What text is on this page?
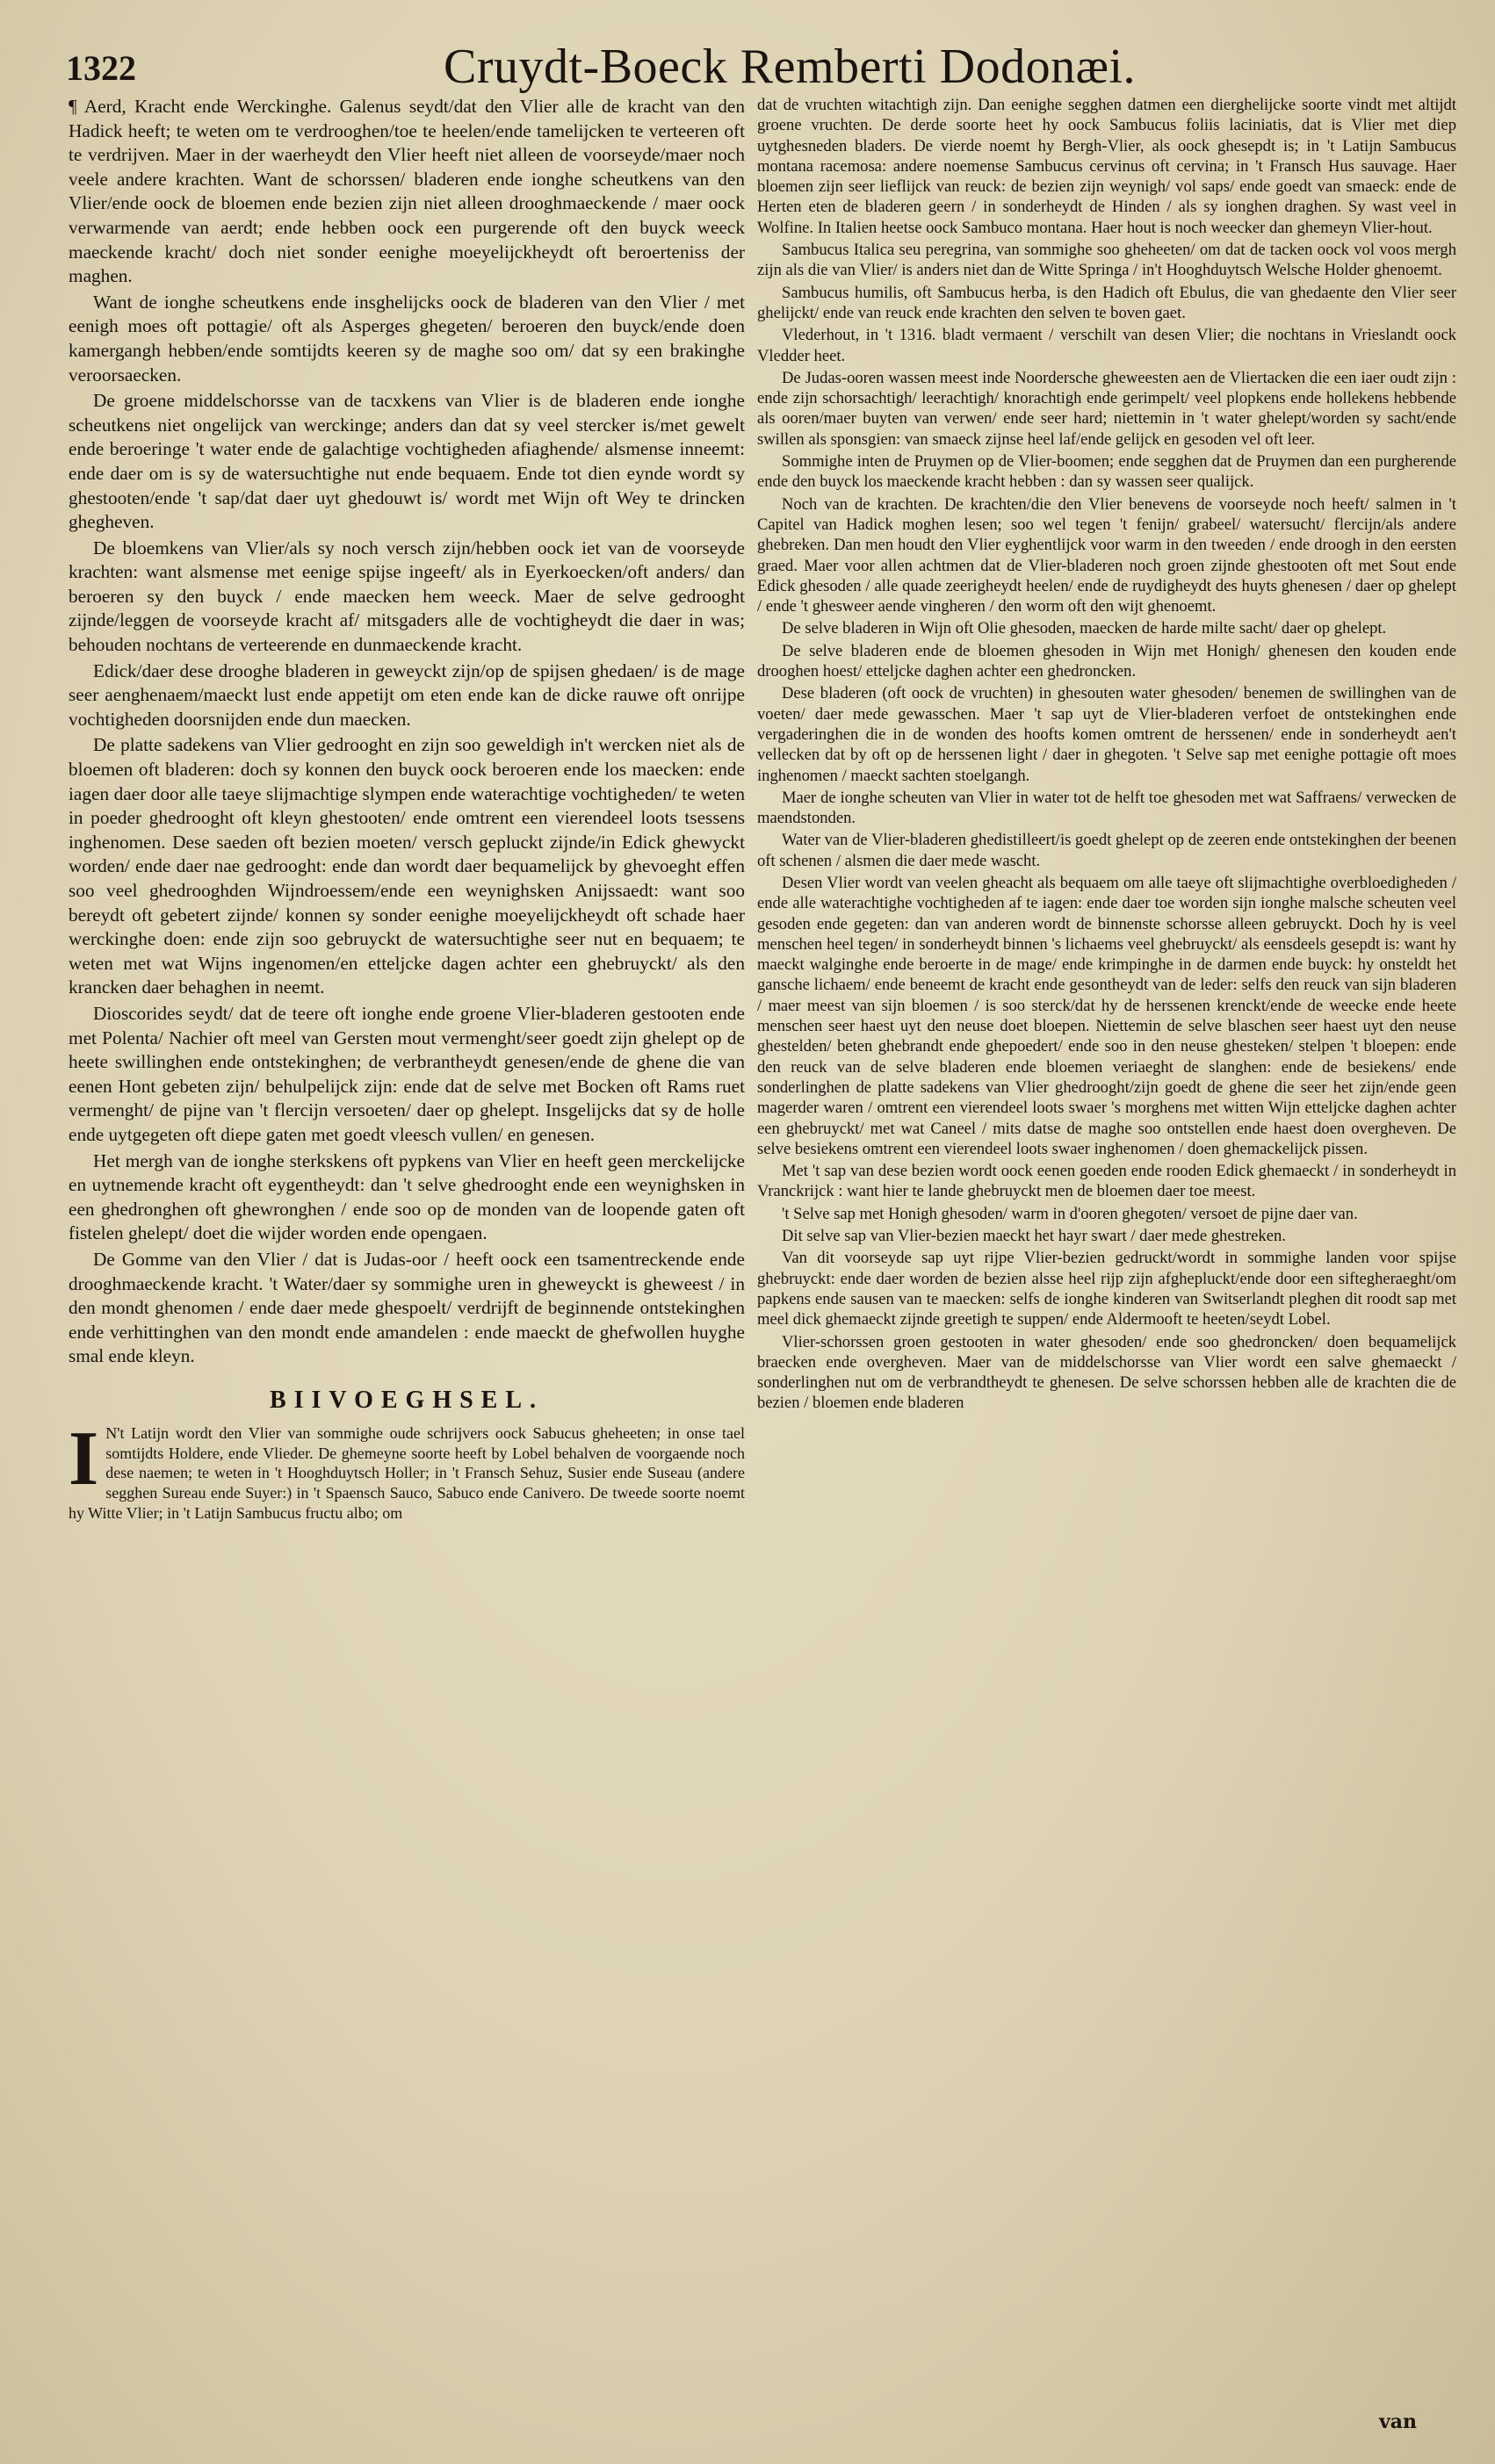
1322	Cruydt-Boeck Remberti Dodonæi.

¶ Aerd, Kracht ende Werckinghe. Galenus seydt/dat den Vlier alle de kracht van den Hadick heeft; te weten om te verdrooghen/toe te heelen/ende tamelijcken te verteeren oft te verdrijven. Maer in der waerheydt den Vlier heeft niet alleen de voorseyde/maer noch veele andere krachten. Want de schorssen/ bladeren ende ionghe scheutkens van den Vlier/ende oock de bloemen ende bezien zijn niet alleen drooghmaeckende / maer oock verwarmende van aerdt; ende hebben oock een purgerende oft den buyck weeck maeckende kracht/ doch niet sonder eenighe moeyelijckheydt oft beroerteniss der maghen.

Want de ionghe scheutkens ende insghelijcks oock de bladeren van den Vlier / met eenigh moes oft pottagie/ oft als Asperges ghegeten/ beroeren den buyck/ende doen kamergangh hebben/ende somtijdts keeren sy de maghe soo om/ dat sy een brakinghe veroorsaecken.

De groene middelschorsse van de tacxkens van Vlier is de bladeren ende ionghe scheutkens niet ongelijck van werckinge; anders dan dat sy veel stercker is/met gewelt ende beroeringe 't water ende de galachtige vochtigheden afiaghende/ alsmense inneemt: ende daer om is sy de watersuchtighe nut ende bequaem. Ende tot dien eynde wordt sy ghestooten/ende 't sap/dat daer uyt ghedouwt is/ wordt met Wijn oft Wey te drincken ghegheven.

De bloemkens van Vlier/als sy noch versch zijn/hebben oock iet van de voorseyde krachten: want alsmense met eenige spijse ingeeft/ als in Eyerkoecken/oft anders/ dan beroeren sy den buyck / ende maecken hem weeck. Maer de selve gedrooght zijnde/leggen de voorseyde kracht af/ mitsgaders alle de vochtigheydt die daer in was; behouden nochtans de verteerende en dunmaeckende kracht.

Edick/daer dese drooghe bladeren in geweyckt zijn/op de spijsen ghedaen/ is de mage seer aenghenaem/maeckt lust ende appetijt om eten ende kan de dicke rauwe oft onrijpe vochtigheden doorsnijden ende dun maecken.

De platte sadekens van Vlier gedrooght en zijn soo geweldigh in't wercken niet als de bloemen oft bladeren: doch sy konnen den buyck oock beroeren ende los maecken: ende iagen daer door alle taeye slijmachtige slympen ende waterachtige vochtigheden/ te weten in poeder ghedrooght oft kleyn ghestooten/ ende omtrent een vierendeel loots tsessens inghenomen. Dese saeden oft bezien moeten/ versch gepluckt zijnde/in Edick ghewyckt worden/ ende daer nae gedrooght: ende dan wordt daer bequamelijck by ghevoeght effen soo veel ghedrooghden Wijndroessem/ende een weynighsken Anijssaedt: want soo bereydt oft gebetert zijnde/ konnen sy sonder eenighe moeyelijckheydt oft schade haer werckinghe doen: ende zijn soo gebruyckt de watersuchtighe seer nut en bequaem; te weten met wat Wijns ingenomen/en etteljcke dagen achter een ghebruyckt/ als den krancken daer behaghen in neemt.

Dioscorides seydt/ dat de teere oft ionghe ende groene Vlier-bladeren gestooten ende met Polenta/ Nachier oft meel van Gersten mout vermenght/seer goedt zijn ghelept op de heete swillinghen ende ontstekinghen; de verbrantheydt genesen/ende de ghene die van eenen Hont gebeten zijn/ behulpelijck zijn: ende dat de selve met Bocken oft Rams ruet vermenght/ de pijne van 't flercijn versoeten/ daer op ghelept. Insgelijcks dat sy de holle ende uytgegeten oft diepe gaten met goedt vleesch vullen/ en genesen.

Het mergh van de ionghe sterkskens oft pypkens van Vlier en heeft geen merckelijcke en uytnemende kracht oft eygentheydt: dan 't selve ghedrooght ende een weynighsken in een ghedronghen oft ghewronghen / ende soo op de monden van de loopende gaten oft fistelen ghelept/ doet die wijder worden ende opengaen.

De Gomme van den Vlier / dat is Judas-oor / heeft oock een tsamentreckende ende drooghmaeckende kracht. 't Water/daer sy sommighe uren in gheweyckt is gheweest / in den mondt ghenomen / ende daer mede ghespoelt/ verdrijft de beginnende ontstekinghen ende verhittinghen van den mondt ende amandelen : ende maeckt de ghefwollen huyghe smal ende kleyn.

BIIVOEGHSEL.

I N't Latijn wordt den Vlier van sommighe oude schrijvers oock Sabucus gheheeten; in onse tael somtijdts Holdere, ende Vlieder. De ghemeyne soorte heeft by Lobel behalven de voorgaende noch dese naemen; te weten in 't Hooghduytsch Holler; in 't Fransch Sehuz, Susier ende Suseau (andere segghen Sureau ende Suyer:) in 't Spaensch Sauco, Sabuco ende Canivero. De tweede soorte noemt hy Witte Vlier; in 't Latijn Sambucus fructu albo; om

dat de vruchten witachtigh zijn. Dan eenighe segghen datmen een dierghelijcke soorte vindt met altijdt groene vruchten. De derde soorte heet hy oock Sambucus foliis laciniatis, dat is Vlier met diep uytghesneden bladers. De vierde noemt hy Bergh-Vlier, als oock ghesepdt is; in 't Latijn Sambucus montana racemosa: andere noemense Sambucus cervinus oft cervina; in 't Fransch Hus sauvage. Haer bloemen zijn seer lieflijck van reuck: de bezien zijn weynigh/ vol saps/ ende goedt van smaeck: ende de Herten eten de bladeren geern / in sonderheydt de Hinden / als sy ionghen draghen. Sy wast veel in Wolfine. In Italien heetse oock Sambuco montana. Haer hout is noch weecker dan ghemeyn Vlier-hout.

Sambucus Italica seu peregrina, van sommighe soo gheheeten/ om dat de tacken oock vol voos mergh zijn als die van Vlier/ is anders niet dan de Witte Springa / in't Hooghduytsch Welsche Holder ghenoemt.

Sambucus humilis, oft Sambucus herba, is den Hadich oft Ebulus, die van ghedaente den Vlier seer ghelijckt/ ende van reuck ende krachten den selven te boven gaet.

Vlederhout, in 't 1316. bladt vermaent / verschilt van desen Vlier; die nochtans in Vrieslandt oock Vledder heet.

De Judas-ooren wassen meest inde Noordersche gheweesten aen de Vliertacken die een iaer oudt zijn : ende zijn schorsachtigh/ leerachtigh/ knorachtigh ende gerimpelt/ veel plopkens ende hollekens hebbende als ooren/maer buyten van verwen/ ende seer hard; niettemin in 't water ghelept/worden sy sacht/ende swillen als sponsgien: van smaeck zijnse heel laf/ende gelijck en gesoden vel oft leer.

Sommighe inten de Pruymen op de Vlier-boomen; ende segghen dat de Pruymen dan een purgherende ende den buyck los maeckende kracht hebben : dan sy wassen seer qualijck.

Noch van de krachten. De krachten/die den Vlier benevens de voorseyde noch heeft/ salmen in 't Capitel van Hadick moghen lesen; soo wel tegen 't fenijn/ grabeel/ watersucht/ flercijn/als andere ghebreken. Dan men houdt den Vlier eyghentlijck voor warm in den tweeden / ende droogh in den eersten graed. Maer voor allen achtmen dat de Vlier-bladeren noch groen zijnde ghestooten oft met Sout ende Edick ghesoden / alle quade zeerigheydt heelen/ ende de ruydigheydt des huyts ghenesen / daer op ghelept / ende 't ghesweer aende vingheren / den worm oft den wijt ghenoemt.

De selve bladeren in Wijn oft Olie ghesoden, maecken de harde milte sacht/ daer op ghelept.

De selve bladeren ende de bloemen ghesoden in Wijn met Honigh/ ghenesen den kouden ende drooghen hoest/ etteljcke daghen achter een ghedroncken.

Dese bladeren (oft oock de vruchten) in ghesouten water ghesoden/ benemen de swillinghen van de voeten/ daer mede gewasschen. Maer 't sap uyt de Vlier-bladeren verfoet de ontstekinghen ende vergaderinghen die in de wonden des hoofts komen omtrent de herssenen/ ende in sonderheydt aen't vellecken dat by oft op de herssenen light / daer in ghegoten. 't Selve sap met eenighe pottagie oft moes inghenomen / maeckt sachten stoelgangh.

Maer de ionghe scheuten van Vlier in water tot de helft toe ghesoden met wat Saffraens/ verwecken de maendstonden.

Water van de Vlier-bladeren ghedistilleert/is goedt ghelept op de zeeren ende ontstekinghen der beenen oft schenen / alsmen die daer mede wascht.

Desen Vlier wordt van veelen gheacht als bequaem om alle taeye oft slijmachtighe overbloedigheden / ende alle waterachtighe vochtigheden af te iagen: ende daer toe worden sijn ionghe malsche scheuten veel gesoden ende gegeten: dan van anderen wordt de binnenste schorsse alleen gebruyckt. Doch hy is veel menschen heel tegen/ in sonderheydt binnen 's lichaems veel ghebruyckt/ als eensdeels gesepdt is: want hy maeckt walginghe ende beroerte in de mage/ ende krimpinghe in de darmen ende buyck: hy onsteldt het gansche lichaem/ ende beneemt de kracht ende gesontheydt van de leder: selfs den reuck van sijn bladeren / maer meest van sijn bloemen / is soo sterck/dat hy de herssenen krenckt/ende de weecke ende heete menschen seer haest uyt den neuse doet bloepen. Niettemin de selve blaschen seer haest uyt den neuse ghestelden/ beten ghebrandt ende ghepoedert/ ende soo in den neuse ghesteken/ stelpen 't bloepen: ende den reuck van de selve bladeren ende bloemen veriaeght de slanghen: ende de besiekens/ ende sonderlinghen de platte sadekens van Vlier ghedrooght/zijn goedt de ghene die seer het zijn/ende geen magerder waren / omtrent een vierendeel loots swaer 's morghens met witten Wijn etteljcke daghen achter een ghebruyckt/ met wat Caneel / mits datse de maghe soo ontstellen ende haest doen overgheven. De selve besiekens omtrent een vierendeel loots swaer inghenomen / doen ghemackelijck pissen.

Met 't sap van dese bezien wordt oock eenen goeden ende rooden Edick ghemaeckt / in sonderheydt in Vranckrijck : want hier te lande ghebruyckt men de bloemen daer toe meest.

't Selve sap met Honigh ghesoden/ warm in d'ooren ghegoten/ versoet de pijne daer van.

Dit selve sap van Vlier-bezien maeckt het hayr swart / daer mede ghestreken.

Van dit voorseyde sap uyt rijpe Vlier-bezien gedruckt/wordt in sommighe landen voor spijse ghebruyckt: ende daer worden de bezien alsse heel rijp zijn afghepluckt/ende door een siftegheraeght/om papkens ende sausen van te maecken: selfs de ionghe kinderen van Switserlandt pleghen dit roodt sap met meel dick ghemaeckt zijnde greetigh te suppen/ ende Aldermooft te heeten/seydt Lobel.

Vlier-schorssen groen gestooten in water ghesoden/ ende soo ghedroncken/ doen bequamelijck braecken ende overgheven. Maer van de middelschorsse van Vlier wordt een salve ghemaeckt / sonderlinghen nut om de verbrandtheydt te ghenesen. De selve schorssen hebben alle de krachten die de bezien / bloemen ende bladeren

van
